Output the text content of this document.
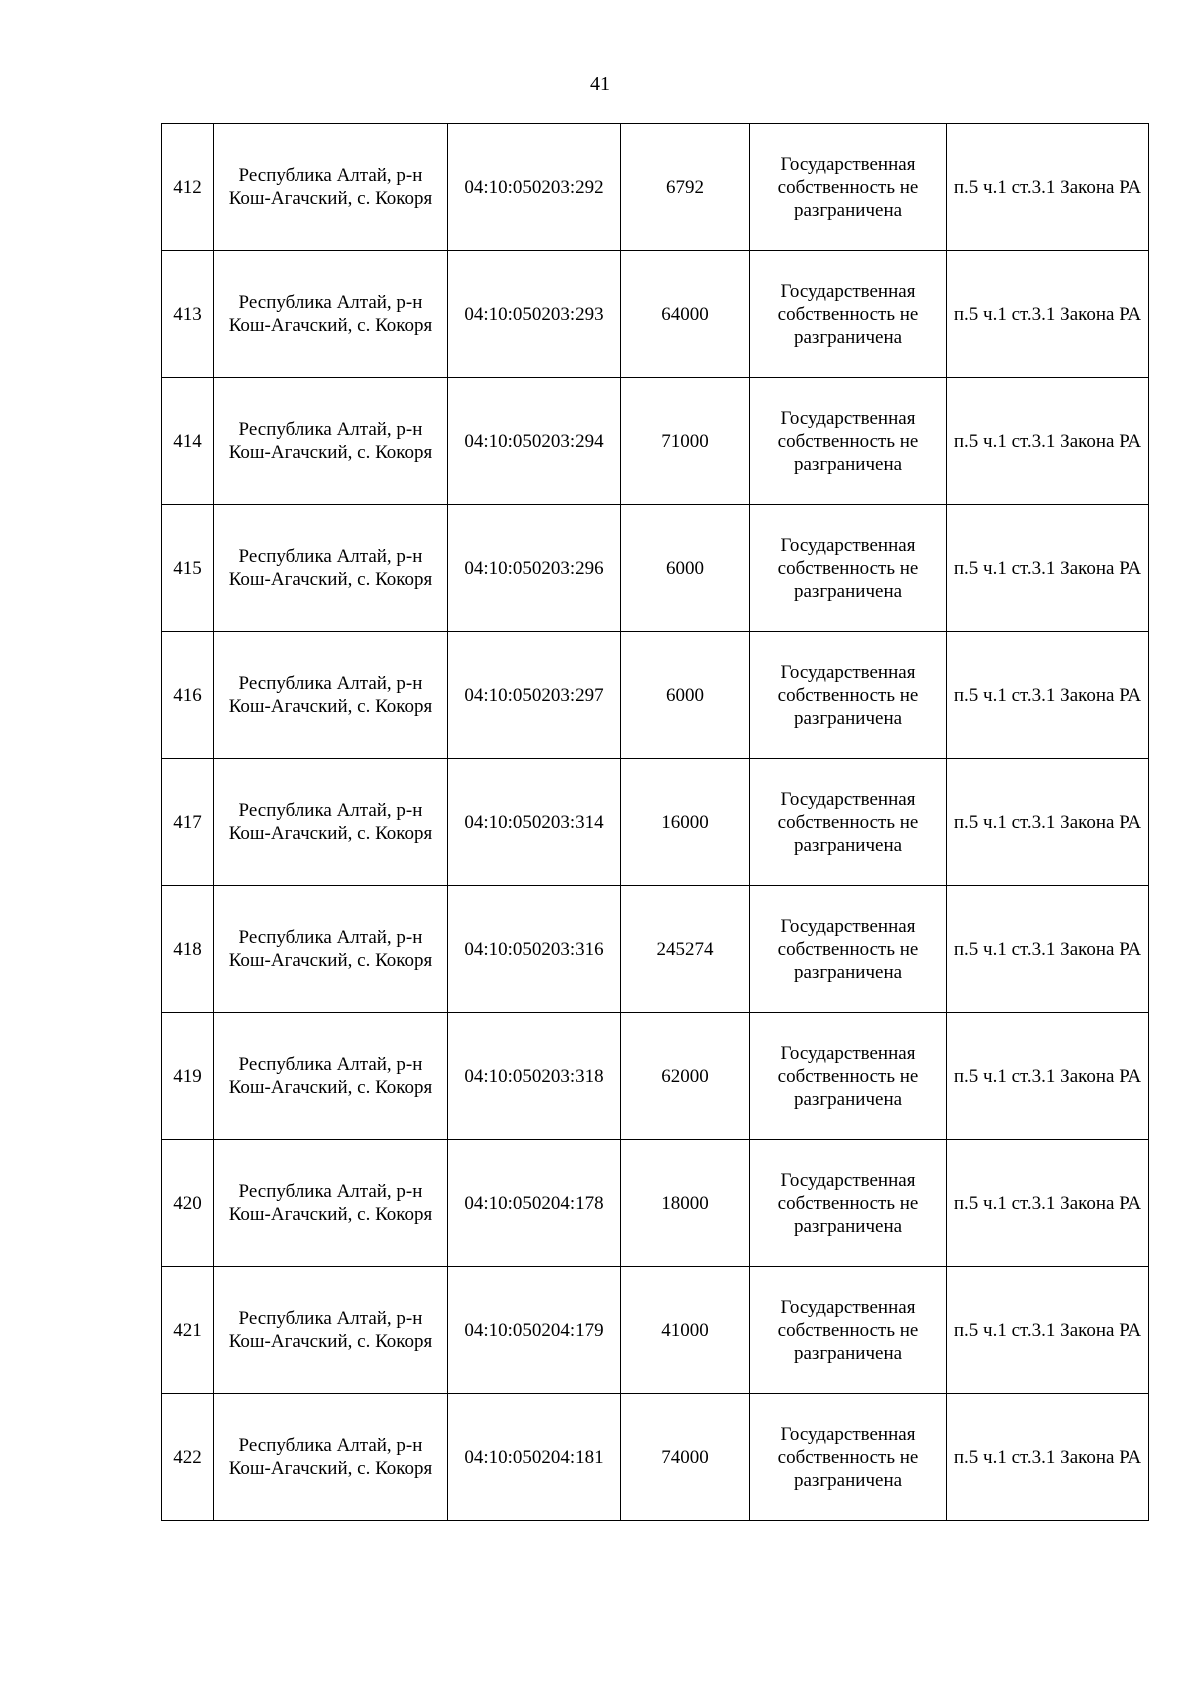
41
412	Республика Алтай, р-н Кош-Агачский, с. Кокоря	04:10:050203:292	6792	Государственная собственность не разграничена	п.5 ч.1 ст.3.1 Закона РА
413	Республика Алтай, р-н Кош-Агачский, с. Кокоря	04:10:050203:293	64000	Государственная собственность не разграничена	п.5 ч.1 ст.3.1 Закона РА
414	Республика Алтай, р-н Кош-Агачский, с. Кокоря	04:10:050203:294	71000	Государственная собственность не разграничена	п.5 ч.1 ст.3.1 Закона РА
415	Республика Алтай, р-н Кош-Агачский, с. Кокоря	04:10:050203:296	6000	Государственная собственность не разграничена	п.5 ч.1 ст.3.1 Закона РА
416	Республика Алтай, р-н Кош-Агачский, с. Кокоря	04:10:050203:297	6000	Государственная собственность не разграничена	п.5 ч.1 ст.3.1 Закона РА
417	Республика Алтай, р-н Кош-Агачский, с. Кокоря	04:10:050203:314	16000	Государственная собственность не разграничена	п.5 ч.1 ст.3.1 Закона РА
418	Республика Алтай, р-н Кош-Агачский, с. Кокоря	04:10:050203:316	245274	Государственная собственность не разграничена	п.5 ч.1 ст.3.1 Закона РА
419	Республика Алтай, р-н Кош-Агачский, с. Кокоря	04:10:050203:318	62000	Государственная собственность не разграничена	п.5 ч.1 ст.3.1 Закона РА
420	Республика Алтай, р-н Кош-Агачский, с. Кокоря	04:10:050204:178	18000	Государственная собственность не разграничена	п.5 ч.1 ст.3.1 Закона РА
421	Республика Алтай, р-н Кош-Агачский, с. Кокоря	04:10:050204:179	41000	Государственная собственность не разграничена	п.5 ч.1 ст.3.1 Закона РА
422	Республика Алтай, р-н Кош-Агачский, с. Кокоря	04:10:050204:181	74000	Государственная собственность не разграничена	п.5 ч.1 ст.3.1 Закона РА
